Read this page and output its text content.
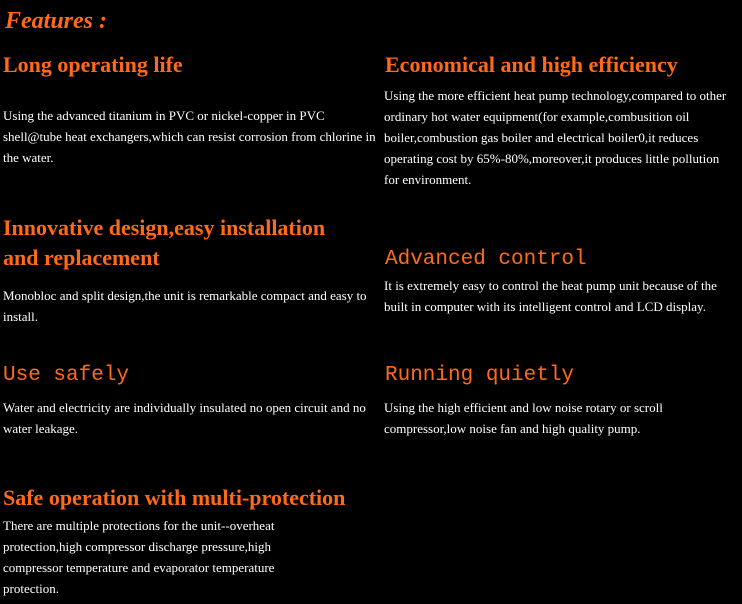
Features :
Long operating life

Using the advanced titanium in PVC or nickel-copper in PVC shell@tube heat exchangers,which can resist corrosion from chlorine in the water.

Economical and high efficiency

Using the more efficient heat pump technology,compared to other ordinary hot water equipment(for example,combusition oil boiler,combustion gas boiler and electrical boiler0,it reduces operating cost by 65%-80%,moreover,it produces little pollution for environment.

Innovative design,easy installation
and replacement

Monobloc and split design,the unit is remarkable compact and easy to install.

Advanced control

It is extremely easy to control the heat pump unit because of the built in computer with its intelligent control and LCD display.

Use safely

Water and electricity are individually insulated no open circuit and no water leakage.

Running quietly

Using the high efficient and low noise rotary or scroll compressor,low noise fan and high quality pump.

Safe operation with multi-protection

There are multiple protections for the unit--overheat protection,high compressor discharge pressure,high compressor temperature and evaporator temperature protection.
